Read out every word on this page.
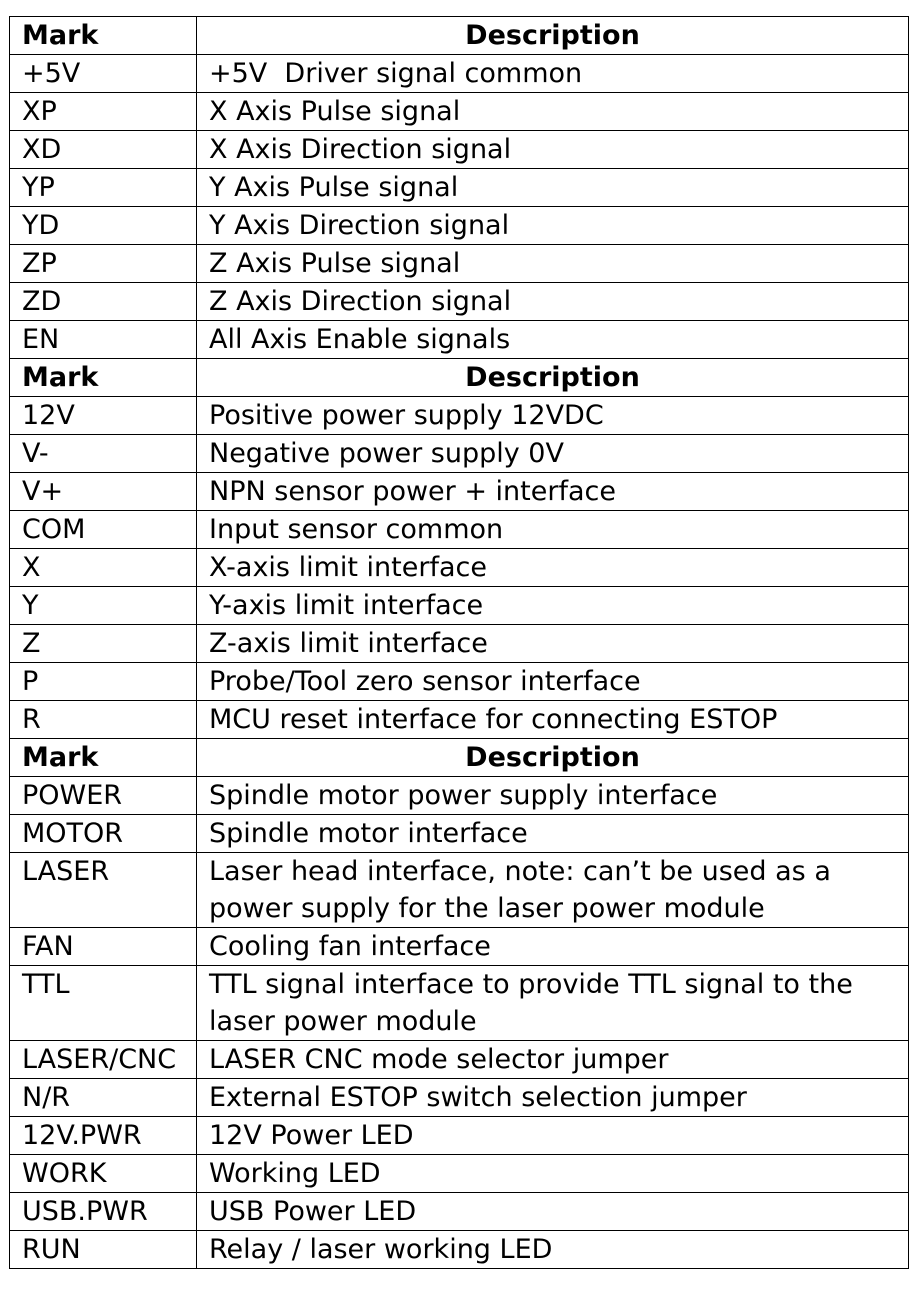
Mark	Description
+5V	+5V  Driver signal common
XP	X Axis Pulse signal
XD	X Axis Direction signal
YP	Y Axis Pulse signal
YD	Y Axis Direction signal
ZP	Z Axis Pulse signal
ZD	Z Axis Direction signal
EN	All Axis Enable signals
Mark	Description
12V	Positive power supply 12VDC
V-	Negative power supply 0V
V+	NPN sensor power + interface
COM	Input sensor common
X	X-axis limit interface
Y	Y-axis limit interface
Z	Z-axis limit interface
P	Probe/Tool zero sensor interface
R	MCU reset interface for connecting ESTOP
Mark	Description
POWER	Spindle motor power supply interface
MOTOR	Spindle motor interface
LASER	Laser head interface, note: can’t be used as a power supply for the laser power module
FAN	Cooling fan interface
TTL	TTL signal interface to provide TTL signal to the laser power module
LASER/CNC	LASER CNC mode selector jumper
N/R	External ESTOP switch selection jumper
12V.PWR	12V Power LED
WORK	Working LED
USB.PWR	USB Power LED
RUN	Relay / laser working LED
